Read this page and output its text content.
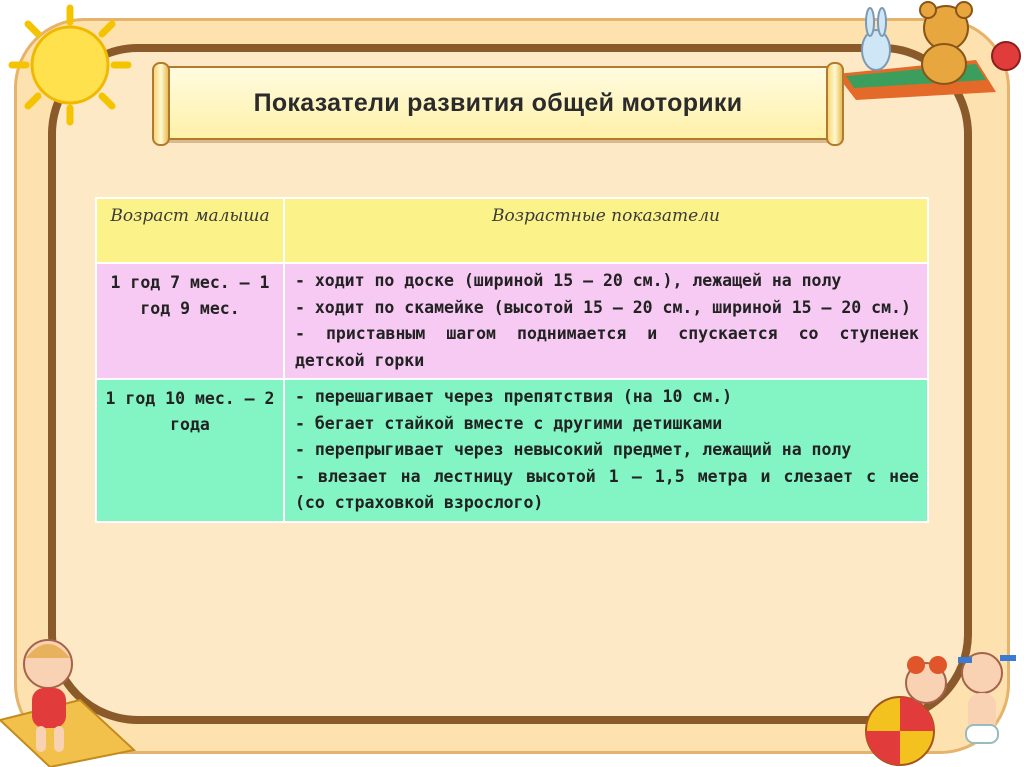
Показатели развития общей моторики
Возраст малыша	Возрастные показатели
1 год 7 мес. – 1 год 9 мес.	- ходит по доске (шириной 15 – 20 см.), лежащей на полу
- ходит по скамейке (высотой 15 – 20 см., шириной 15 – 20 см.)
- приставным шагом поднимается и спускается со ступенек детской горки

1 год 10 мес. – 2 года	- перешагивает через препятствия (на 10 см.)
- бегает стайкой вместе с другими детишками
- перепрыгивает через невысокий предмет, лежащий на полу
- влезает на лестницу высотой 1 – 1,5 метра и слезает с нее (со страховкой взрослого)
